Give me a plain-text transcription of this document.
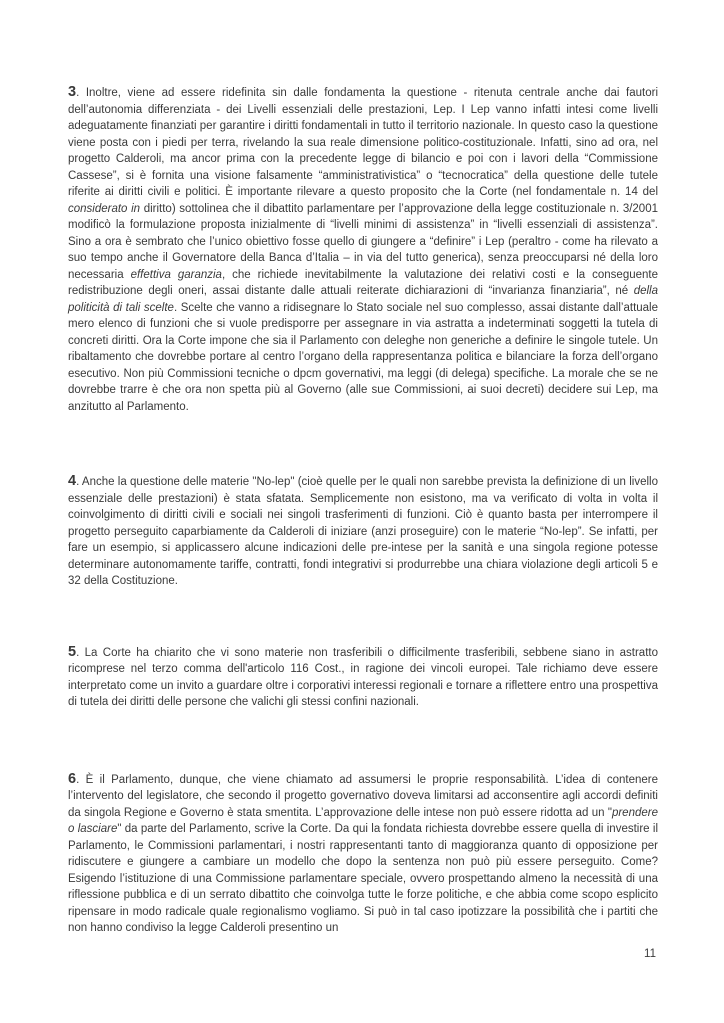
3. Inoltre, viene ad essere ridefinita sin dalle fondamenta la questione - ritenuta centrale anche dai fautori dell’autonomia differenziata - dei Livelli essenziali delle prestazioni, Lep. I Lep vanno infatti intesi come livelli adeguatamente finanziati per garantire i diritti fondamentali in tutto il territorio nazionale. In questo caso la questione viene posta con i piedi per terra, rivelando la sua reale dimensione politico-costituzionale. Infatti, sino ad ora, nel progetto Calderoli, ma ancor prima con la precedente legge di bilancio e poi con i lavori della “Commissione Cassese”, si è fornita una visione falsamente “amministrativistica” o “tecnocratica” della questione delle tutele riferite ai diritti civili e politici. È importante rilevare a questo proposito che la Corte (nel fondamentale n. 14 del considerato in diritto) sottolinea che il dibattito parlamentare per l’approvazione della legge costituzionale n. 3/2001 modificò la formulazione proposta inizialmente di “livelli minimi di assistenza” in “livelli essenziali di assistenza”. Sino a ora è sembrato che l’unico obiettivo fosse quello di giungere a “definire” i Lep (peraltro - come ha rilevato a suo tempo anche il Governatore della Banca d’Italia – in via del tutto generica), senza preoccuparsi né della loro necessaria effettiva garanzia, che richiede inevitabilmente la valutazione dei relativi costi e la conseguente redistribuzione degli oneri, assai distante dalle attuali reiterate dichiarazioni di “invarianza finanziaria”, né della politicità di tali scelte. Scelte che vanno a ridisegnare lo Stato sociale nel suo complesso, assai distante dall’attuale mero elenco di funzioni che si vuole predisporre per assegnare in via astratta a indeterminati soggetti la tutela di concreti diritti. Ora la Corte impone che sia il Parlamento con deleghe non generiche a definire le singole tutele. Un ribaltamento che dovrebbe portare al centro l’organo della rappresentanza politica e bilanciare la forza dell’organo esecutivo. Non più Commissioni tecniche o dpcm governativi, ma leggi (di delega) specifiche. La morale che se ne dovrebbe trarre è che ora non spetta più al Governo (alle sue Commissioni, ai suoi decreti) decidere sui Lep, ma anzitutto al Parlamento.

4. Anche la questione delle materie "No-lep" (cioè quelle per le quali non sarebbe prevista la definizione di un livello essenziale delle prestazioni) è stata sfatata. Semplicemente non esistono, ma va verificato di volta in volta il coinvolgimento di diritti civili e sociali nei singoli trasferimenti di funzioni. Ciò è quanto basta per interrompere il progetto perseguito caparbiamente da Calderoli di iniziare (anzi proseguire) con le materie “No-lep”. Se infatti, per fare un esempio, si applicassero alcune indicazioni delle pre-intese per la sanità e una singola regione potesse determinare autonomamente tariffe, contratti, fondi integrativi si produrrebbe una chiara violazione degli articoli 5 e 32 della Costituzione.

5. La Corte ha chiarito che vi sono materie non trasferibili o difficilmente trasferibili, sebbene siano in astratto ricomprese nel terzo comma dell'articolo 116 Cost., in ragione dei vincoli europei. Tale richiamo deve essere interpretato come un invito a guardare oltre i corporativi interessi regionali e tornare a riflettere entro una prospettiva di tutela dei diritti delle persone che valichi gli stessi confini nazionali.

6. È il Parlamento, dunque, che viene chiamato ad assumersi le proprie responsabilità. L’idea di contenere l’intervento del legislatore, che secondo il progetto governativo doveva limitarsi ad acconsentire agli accordi definiti da singola Regione e Governo è stata smentita. L’approvazione delle intese non può essere ridotta ad un "prendere o lasciare" da parte del Parlamento, scrive la Corte. Da qui la fondata richiesta dovrebbe essere quella di investire il Parlamento, le Commissioni parlamentari, i nostri rappresentanti tanto di maggioranza quanto di opposizione per ridiscutere e giungere a cambiare un modello che dopo la sentenza non può più essere perseguito. Come? Esigendo l’istituzione di una Commissione parlamentare speciale, ovvero prospettando almeno la necessità di una riflessione pubblica e di un serrato dibattito che coinvolga tutte le forze politiche, e che abbia come scopo esplicito ripensare in modo radicale quale regionalismo vogliamo. Si può in tal caso ipotizzare la possibilità che i partiti che non hanno condiviso la legge Calderoli presentino un

11
